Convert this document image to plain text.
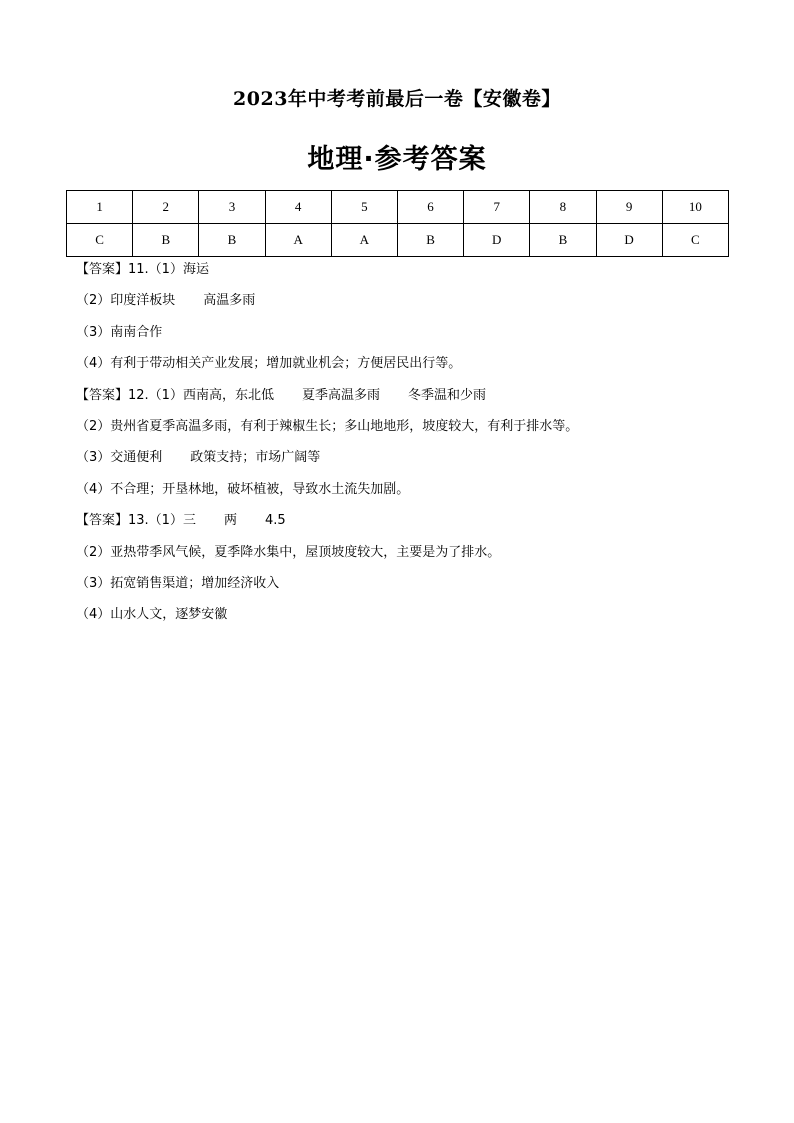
2023年中考考前最后一卷【安徽卷】
地理·参考答案
1	2	3	4	5	6	7	8	9	10
C	B	B	A	A	B	D	B	D	C
【答案】11.（1）海运
（2）印度洋板块 高温多雨
（3）南南合作
（4）有利于带动相关产业发展；增加就业机会；方便居民出行等。
【答案】12.（1）西南高，东北低 夏季高温多雨 冬季温和少雨
（2）贵州省夏季高温多雨，有利于辣椒生长；多山地地形，坡度较大，有利于排水等。
（3）交通便利 政策支持；市场广阔等
（4）不合理；开垦林地，破坏植被，导致水土流失加剧。
【答案】13.（1）三 两 4.5
（2）亚热带季风气候，夏季降水集中，屋顶坡度较大，主要是为了排水。
（3）拓宽销售渠道；增加经济收入
（4）山水人文，逐梦安徽
